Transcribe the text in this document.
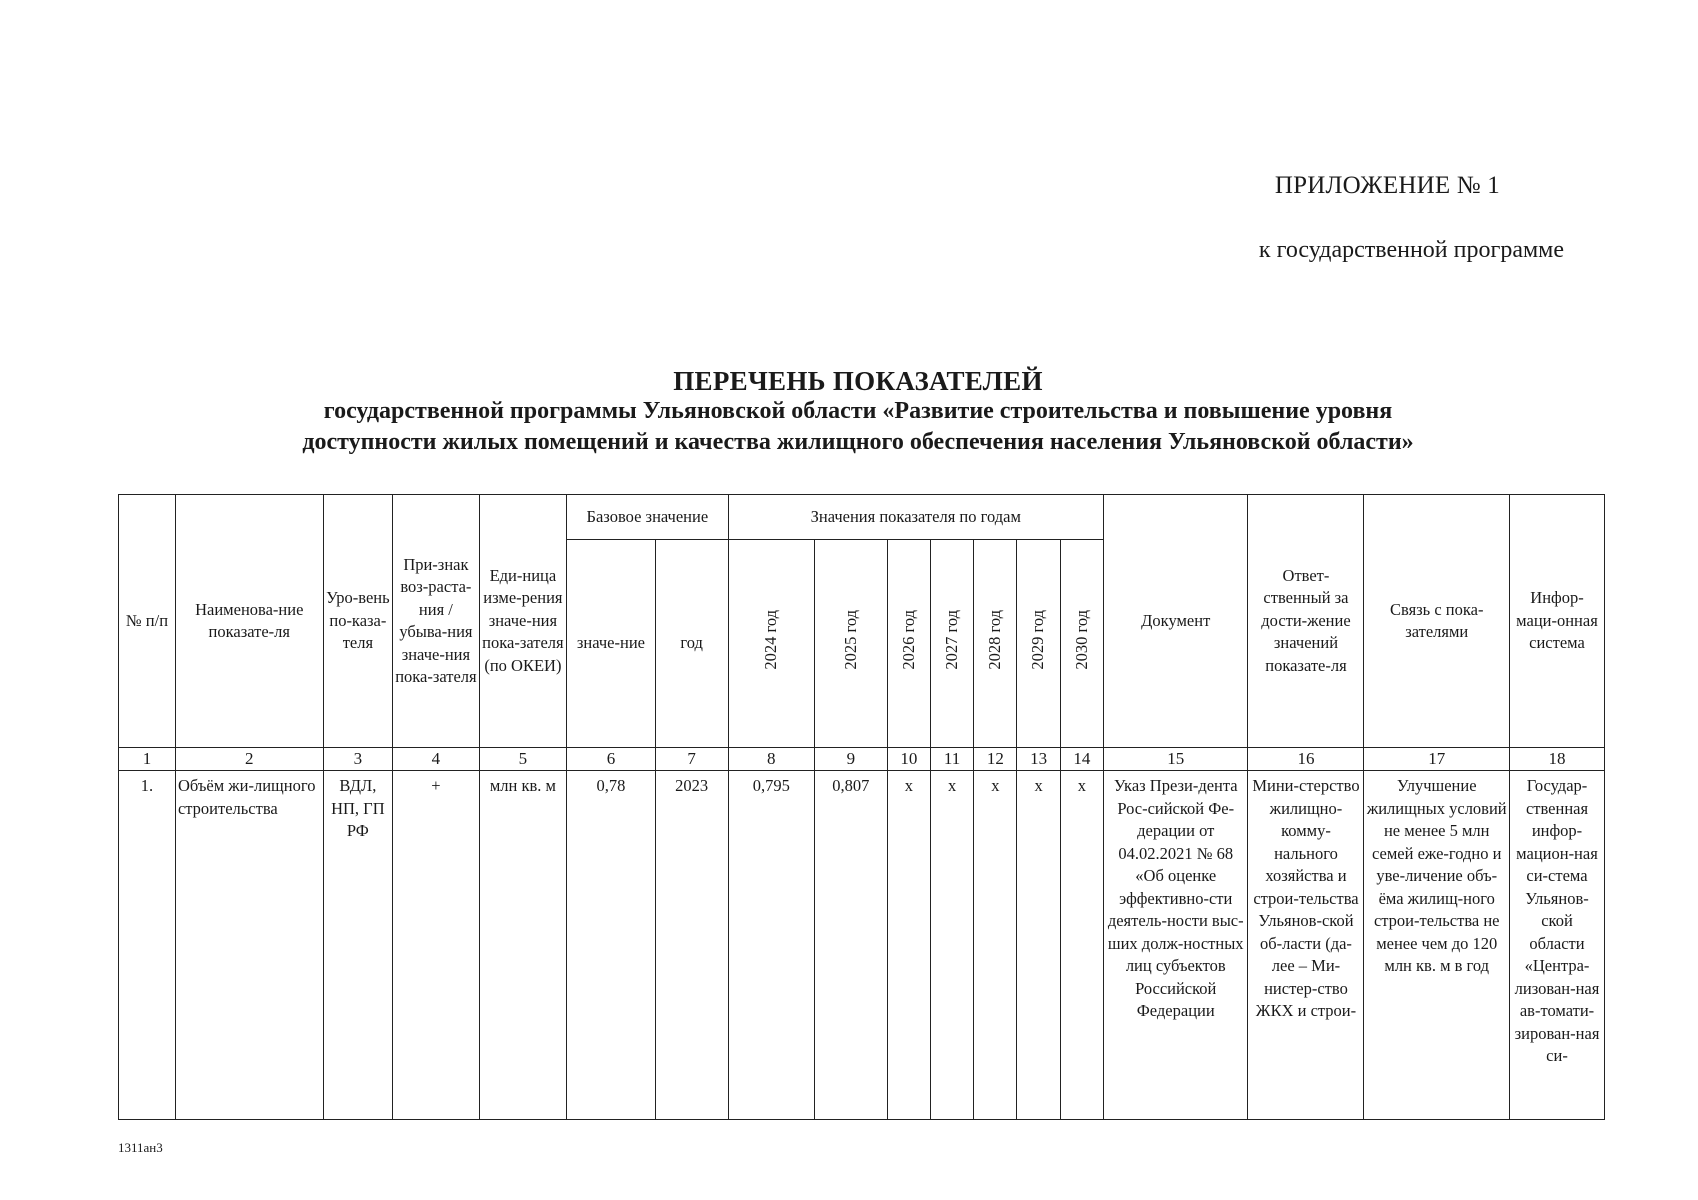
ПРИЛОЖЕНИЕ № 1
к государственной программе
ПЕРЕЧЕНЬ ПОКАЗАТЕЛЕЙ
государственной программы Ульяновской области «Развитие строительства и повышение уровня
доступности жилых помещений и качества жилищного обеспечения населения Ульяновской области»
№ п/п	Наименова-ние показате-ля	Уро-вень по-каза-теля	При-знак воз-раста-ния / убыва-ния значе-ния пока-зателя	Еди-ница изме-рения значе-ния пока-зателя (по ОКЕИ)	Базовое значение		Значения показателя по годам							Документ	Ответ-ственный за дости-жение значений показате-ля	Связь с пока-зателями	Инфор-маци-онная система
					значе-ние	год	2024 год	2025 год	2026 год	2027 год	2028 год	2029 год	2030 год				
1	2	3	4	5	6	7	8	9	10	11	12	13	14	15	16	17	18
1.	Объём жи-лищного строительства	ВДЛ, НП, ГП РФ	+	млн кв. м	0,78	2023	0,795	0,807	x	x	x	x	x	Указ Прези-дента Рос-сийской Фе-дерации от 04.02.2021 № 68 «Об оценке эффективно-сти деятель-ности выс-ших долж-ностных лиц субъектов Российской Федерации	Мини-стерство жилищно-комму-нального хозяйства и строи-тельства Ульянов-ской об-ласти (да-лее – Ми-нистер-ство ЖКХ и строи-	Улучшение жилищных условий не менее 5 млн семей еже-годно и уве-личение объ-ёма жилищ-ного строи-тельства не менее чем до 120 млн кв. м в год	Государ-ственная инфор-мацион-ная си-стема Ульянов-ской области «Центра-лизован-ная ав-томати-зирован-ная си-
1311ан3
